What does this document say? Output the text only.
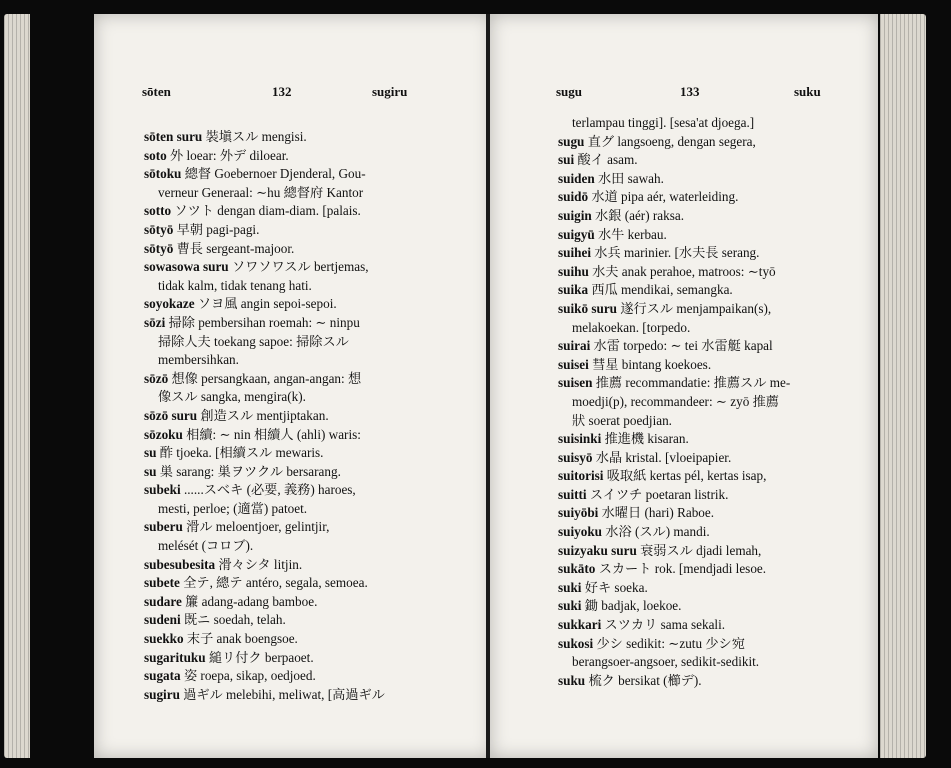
sōten	132	sugiru
sōten suru 裝塡スル mengisi.
soto 外 loear: 外デ diloear.
sōtoku 總督 Goebernoer Djenderal, Gou-
verneur Generaal: ∼hu 總督府 Kantor
sotto ソツト dengan diam-diam. [palais.
sōtyō 早朝 pagi-pagi.
sōtyō 曹長 sergeant-majoor.
sowasowa suru ソワソワスル bertjemas,
tidak kalm, tidak tenang hati.
soyokaze ソヨ風 angin sepoi-sepoi.
sōzi 掃除 pembersihan roemah: ∼ ninpu
掃除人夫 toekang sapoe: 掃除スル
membersihkan.
sōzō 想像 persangkaan, angan-angan: 想
像スル sangka, mengira(k).
sōzō suru 創造スル mentjiptakan.
sōzoku 相續: ∼ nin 相續人 (ahli) waris:
su 酢 tjoeka. [相續スル mewaris.
su 巣 sarang: 巣ヲツクル bersarang.
subeki ......スベキ (必要, 義務) haroes,
mesti, perloe; (適當) patoet.
suberu 滑ル meloentjoer, gelintjir,
melését (コロブ).
subesubesita 滑々シタ litjin.
subete 全テ, 總テ antéro, segala, semoea.
sudare 簾 adang-adang bamboe.
sudeni 既ニ soedah, telah.
suekko 末子 anak boengsoe.
sugarituku 縋リ付ク berpaoet.
sugata 姿 roepa, sikap, oedjoed.
sugiru 過ギル melebihi, meliwat, [高過ギル
sugu	133	suku
terlampau tinggi]. [sesa'at djoega.]
sugu 直グ langsoeng, dengan segera,
sui 酸イ asam.
suiden 水田 sawah.
suidō 水道 pipa aér, waterleiding.
suigin 水銀 (aér) raksa.
suigyū 水牛 kerbau.
suihei 水兵 marinier. [水夫長 serang.
suihu 水夫 anak perahoe, matroos: ∼tyō
suika 西瓜 mendikai, semangka.
suikō suru 遂行スル menjampaikan(s),
melakoekan. [torpedo.
suirai 水雷 torpedo: ∼ tei 水雷艇 kapal
suisei 彗星 bintang koekoes.
suisen 推薦 recommandatie: 推薦スル me-
moedji(p), recommandeer: ∼ zyō 推薦
狀 soerat poedjian.
suisinki 推進機 kisaran.
suisyō 水晶 kristal. [vloeipapier.
suitorisi 吸取紙 kertas pél, kertas isap,
suitti スイツチ poetaran listrik.
suiyōbi 水曜日 (hari) Raboe.
suiyoku 水浴 (スル) mandi.
suizyaku suru 衰弱スル djadi lemah,
sukāto スカート rok. [mendjadi lesoe.
suki 好キ soeka.
suki 鋤 badjak, loekoe.
sukkari スツカリ sama sekali.
sukosi 少シ sedikit: ∼zutu 少シ宛
berangsoer-angsoer, sedikit-sedikit.
suku 梳ク bersikat (櫛デ).
